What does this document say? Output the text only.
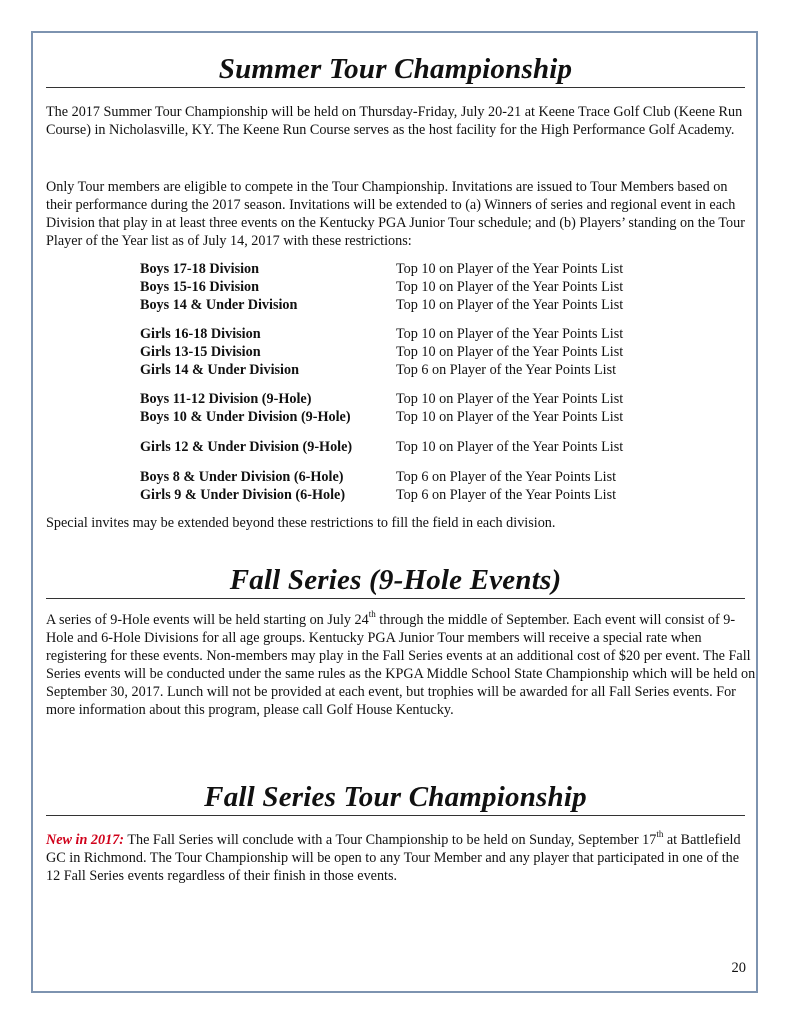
Summer Tour Championship

The 2017 Summer Tour Championship will be held on Thursday-Friday, July 20-21 at Keene Trace Golf Club (Keene Run Course) in Nicholasville, KY. The Keene Run Course serves as the host facility for the High Performance Golf Academy.

Only Tour members are eligible to compete in the Tour Championship. Invitations are issued to Tour Members based on their performance during the 2017 season. Invitations will be extended to (a) Winners of series and regional event in each Division that play in at least three events on the Kentucky PGA Junior Tour schedule; and (b) Players’ standing on the Tour Player of the Year list as of July 14, 2017 with these restrictions:

Boys 17-18 Division	Top 10 on Player of the Year Points List
Boys 15-16 Division	Top 10 on Player of the Year Points List
Boys 14 & Under Division	Top 10 on Player of the Year Points List
Girls 16-18 Division	Top 10 on Player of the Year Points List
Girls 13-15 Division	Top 10 on Player of the Year Points List
Girls 14 & Under Division	Top 6 on Player of the Year Points List
Boys 11-12 Division (9-Hole)	Top 10 on Player of the Year Points List
Boys 10 & Under Division (9-Hole)	Top 10 on Player of the Year Points List
Girls 12 & Under Division (9-Hole)	Top 10 on Player of the Year Points List
Boys 8 & Under Division (6-Hole)	Top 6 on Player of the Year Points List
Girls 9 & Under Division (6-Hole)	Top 6 on Player of the Year Points List

Special invites may be extended beyond these restrictions to fill the field in each division.

Fall Series (9-Hole Events)

A series of 9-Hole events will be held starting on July 24th through the middle of September. Each event will consist of 9-Hole and 6-Hole Divisions for all age groups. Kentucky PGA Junior Tour members will receive a special rate when registering for these events. Non-members may play in the Fall Series events at an additional cost of $20 per event. The Fall Series events will be conducted under the same rules as the KPGA Middle School State Championship which will be held on September 30, 2017. Lunch will not be provided at each event, but trophies will be awarded for all Fall Series events. For more information about this program, please call Golf House Kentucky.

Fall Series Tour Championship

New in 2017: The Fall Series will conclude with a Tour Championship to be held on Sunday, September 17th at Battlefield GC in Richmond. The Tour Championship will be open to any Tour Member and any player that participated in one of the 12 Fall Series events regardless of their finish in those events.

20
